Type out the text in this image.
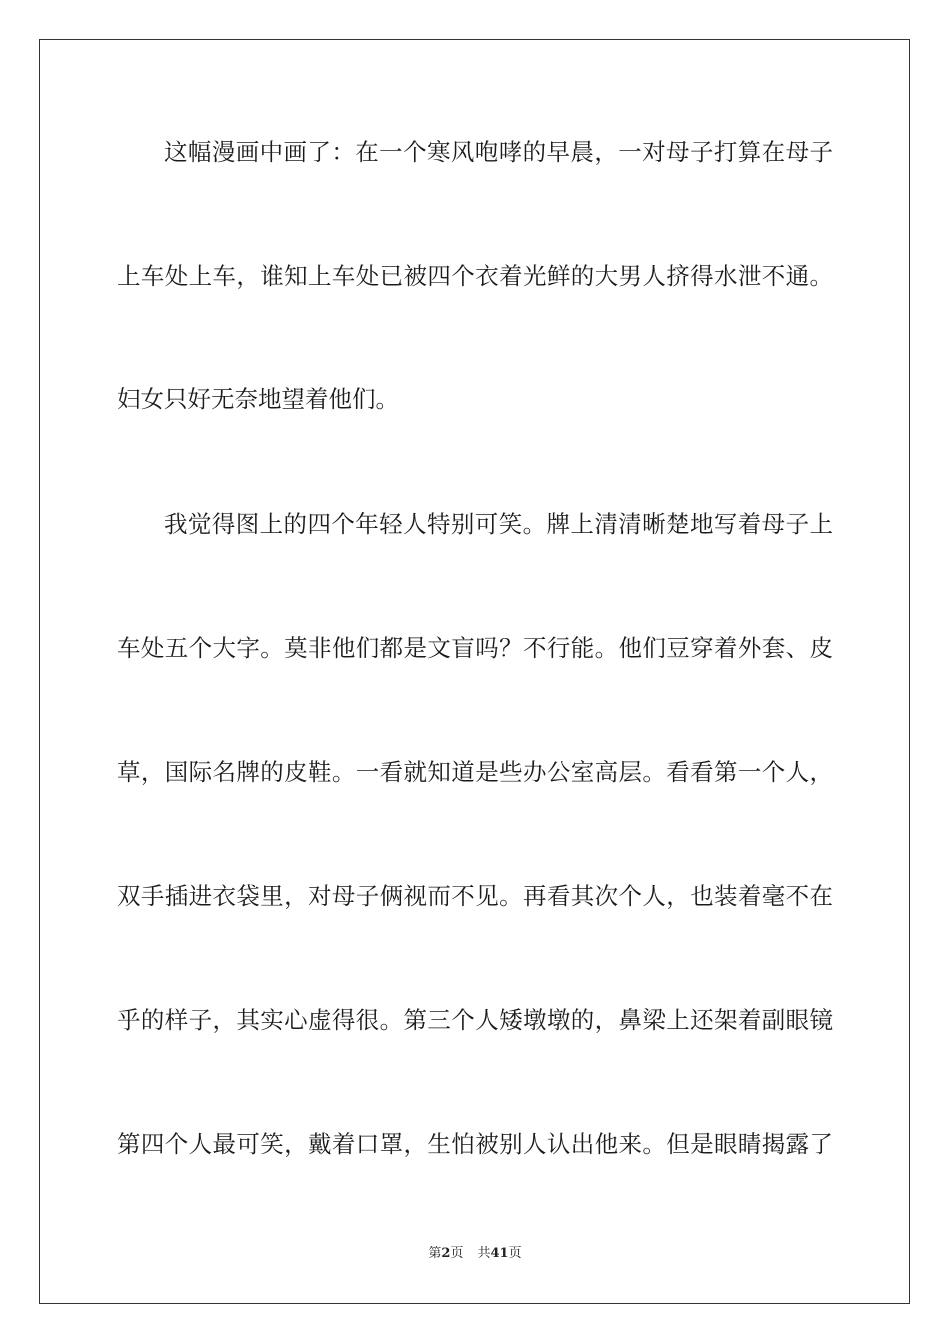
这幅漫画中画了：在一个寒风咆哮的早晨，一对母子打算在母子
上车处上车，谁知上车处已被四个衣着光鲜的大男人挤得水泄不通。
妇女只好无奈地望着他们。
我觉得图上的四个年轻人特别可笑。牌上清清晰楚地写着母子上
车处五个大字。莫非他们都是文盲吗？不行能。他们豆穿着外套、皮
草，国际名牌的皮鞋。一看就知道是些办公室高层。看看第一个人，
双手插进衣袋里，对母子俩视而不见。再看其次个人，也装着毫不在
乎的样子，其实心虚得很。第三个人矮墩墩的，鼻梁上还架着副眼镜
第四个人最可笑，戴着口罩，生怕被别人认出他来。但是眼睛揭露了
第2页 共41页
